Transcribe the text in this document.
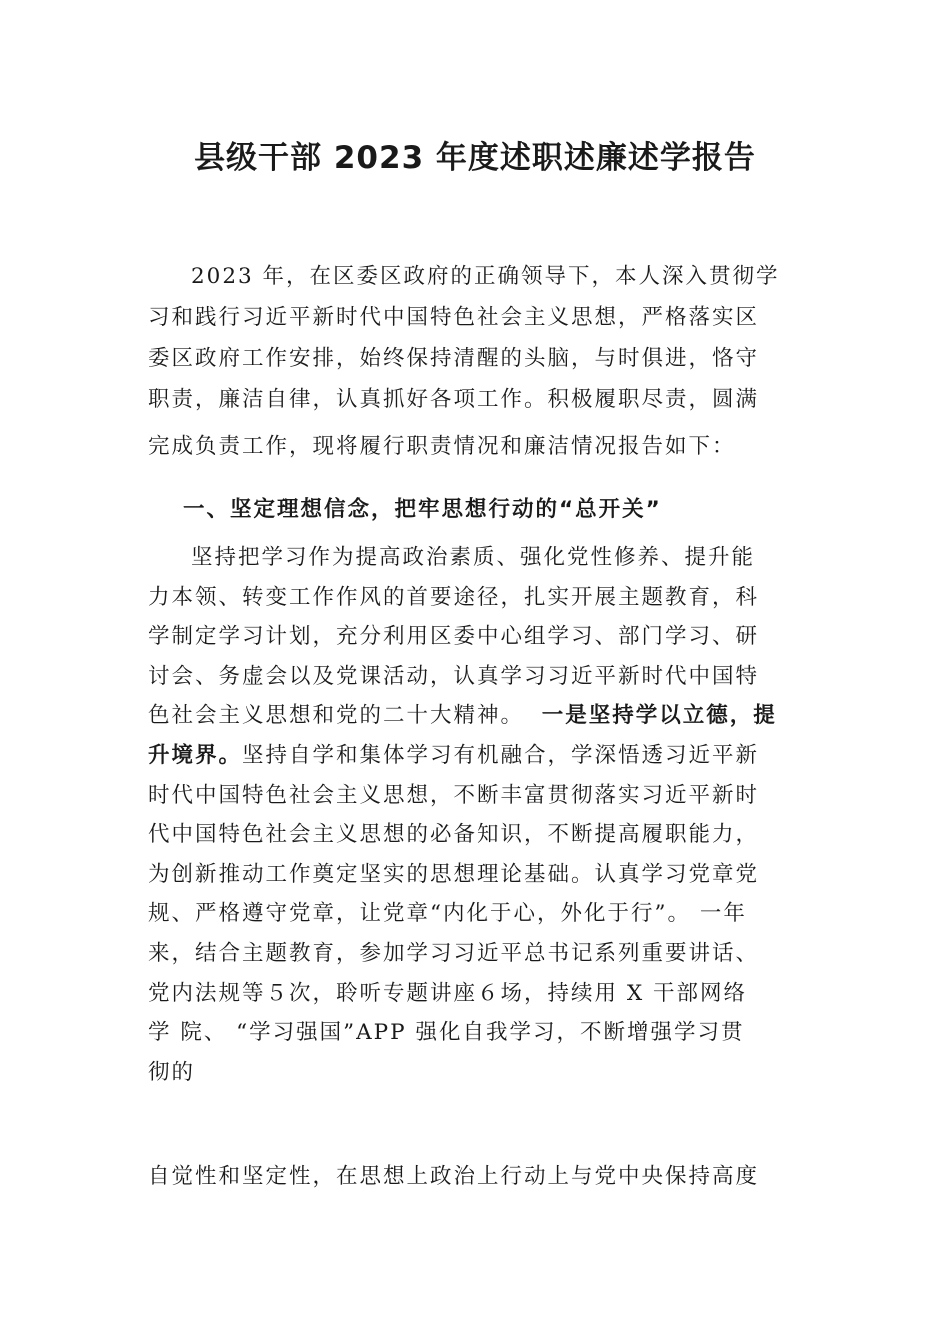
县级干部 2023 年度述职述廉述学报告
2023 年，在区委区政府的正确领导下，本人深入贯彻学
习和践行习近平新时代中国特色社会主义思想，严格落实区
委区政府工作安排，始终保持清醒的头脑，与时俱进，恪守
职责，廉洁自律，认真抓好各项工作。积极履职尽责，圆满
完成负责工作，现将履行职责情况和廉洁情况报告如下：
一、坚定理想信念，把牢思想行动的“总开关”
坚持把学习作为提高政治素质、强化党性修养、提升能
力本领、转变工作作风的首要途径，扎实开展主题教育，科
学制定学习计划，充分利用区委中心组学习、部门学习、研
讨会、务虚会以及党课活动，认真学习习近平新时代中国特
色社会主义思想和党的二十大精神。 一是坚持学以立德，提
升境界。坚持自学和集体学习有机融合，学深悟透习近平新
时代中国特色社会主义思想，不断丰富贯彻落实习近平新时
代中国特色社会主义思想的必备知识，不断提高履职能力，
为创新推动工作奠定坚实的思想理论基础。认真学习党章党
规、严格遵守党章，让党章“内化于心，外化于行”。 一年
来，结合主题教育，参加学习习近平总书记系列重要讲话、
党内法规等５次，聆听专题讲座６场，持续用 X 干部网络
学 院、 “学习强国”APP 强化自我学习，不断增强学习贯
彻的
自觉性和坚定性，在思想上政治上行动上与党中央保持高度
